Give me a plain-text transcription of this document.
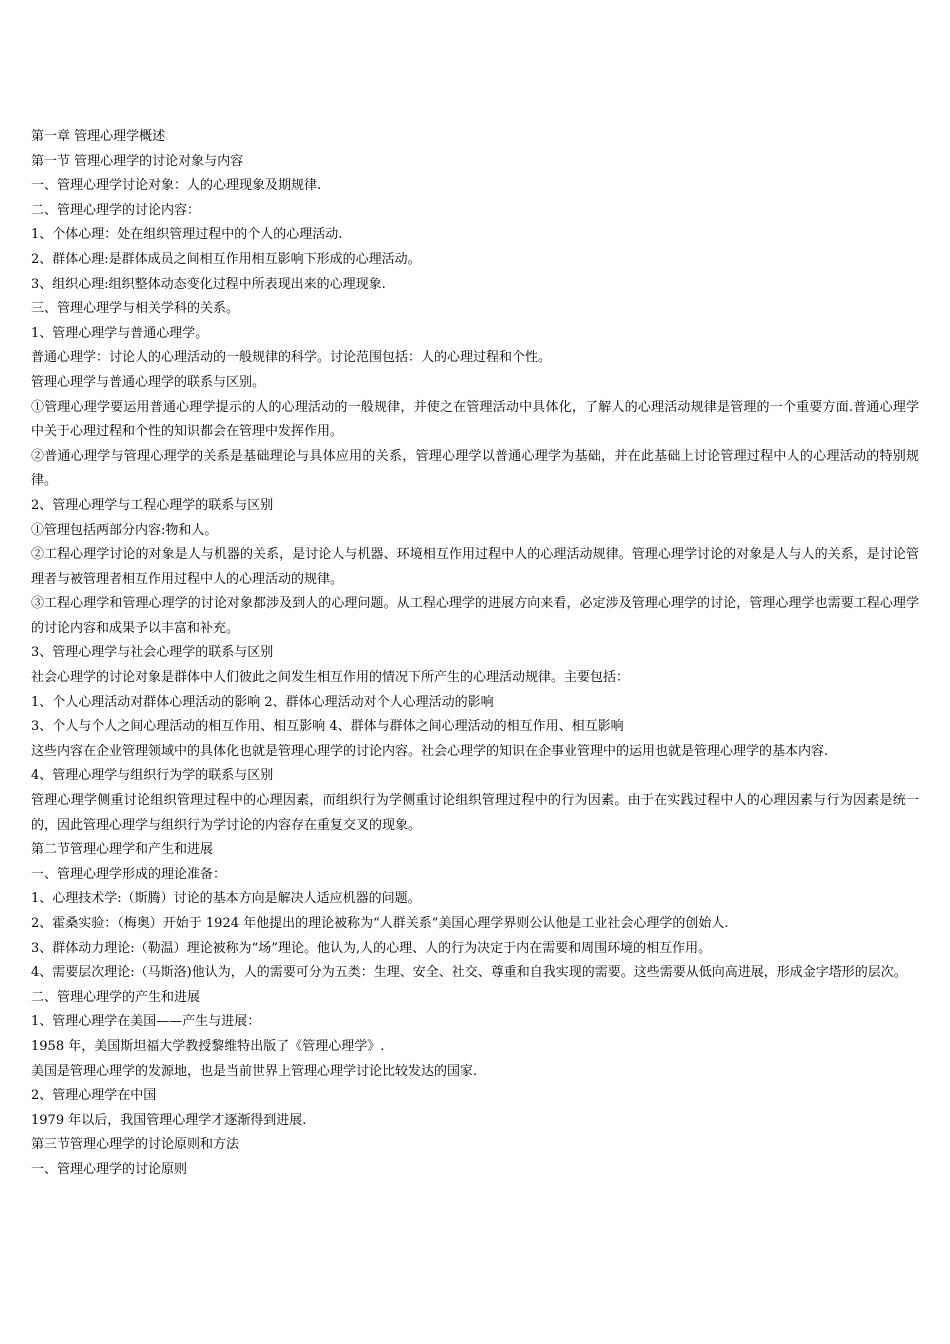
第一章 管理心理学概述
第一节 管理心理学的讨论对象与内容
一、管理心理学讨论对象：人的心理现象及期规律.
二、管理心理学的讨论内容：
1、个体心理：处在组织管理过程中的个人的心理活动.
2、群体心理:是群体成员之间相互作用相互影响下形成的心理活动。
3、组织心理:组织整体动态变化过程中所表现出来的心理现象.
三、管理心理学与相关学科的关系。
1、管理心理学与普通心理学。
普通心理学：讨论人的心理活动的一般规律的科学。讨论范围包括：人的心理过程和个性。
管理心理学与普通心理学的联系与区别。
①管理心理学要运用普通心理学提示的人的心理活动的一般规律，并使之在管理活动中具体化，了解人的心理活动规律是管理的一个重要方面.普通心理学中关于心理过程和个性的知识都会在管理中发挥作用。
②普通心理学与管理心理学的关系是基础理论与具体应用的关系，管理心理学以普通心理学为基础，并在此基础上讨论管理过程中人的心理活动的特别规律。
2、管理心理学与工程心理学的联系与区别
①管理包括两部分内容:物和人。
②工程心理学讨论的对象是人与机器的关系，是讨论人与机器、环境相互作用过程中人的心理活动规律。管理心理学讨论的对象是人与人的关系，是讨论管理者与被管理者相互作用过程中人的心理活动的规律。
③工程心理学和管理心理学的讨论对象都涉及到人的心理问题。从工程心理学的进展方向来看，必定涉及管理心理学的讨论，管理心理学也需要工程心理学的讨论内容和成果予以丰富和补充。
3、管理心理学与社会心理学的联系与区别
社会心理学的讨论对象是群体中人们彼此之间发生相互作用的情况下所产生的心理活动规律。主要包括：
1、个人心理活动对群体心理活动的影响 2、群体心理活动对个人心理活动的影响
3、个人与个人之间心理活动的相互作用、相互影响 4、群体与群体之间心理活动的相互作用、相互影响
这些内容在企业管理领域中的具体化也就是管理心理学的讨论内容。社会心理学的知识在企事业管理中的运用也就是管理心理学的基本内容.
4、管理心理学与组织行为学的联系与区别
管理心理学侧重讨论组织管理过程中的心理因素，而组织行为学侧重讨论组织管理过程中的行为因素。由于在实践过程中人的心理因素与行为因素是统一的，因此管理心理学与组织行为学讨论的内容存在重复交叉的现象。
第二节管理心理学和产生和进展
一、管理心理学形成的理论准备：
1、心理技术学:（斯腾）讨论的基本方向是解决人适应机器的问题。
2、霍桑实验：（梅奥）开始于 1924 年他提出的理论被称为“人群关系”美国心理学界则公认他是工业社会心理学的创始人.
3、群体动力理论:（勒温）理论被称为“场”理论。他认为,人的心理、人的行为决定于内在需要和周围环境的相互作用。
4、需要层次理论:（马斯洛)他认为，人的需要可分为五类：生理、安全、社交、尊重和自我实现的需要。这些需要从低向高进展，形成金字塔形的层次。
二、管理心理学的产生和进展
1、管理心理学在美国——产生与进展：
1958 年，美国斯坦福大学教授黎维特出版了《管理心理学》.
美国是管理心理学的发源地，也是当前世界上管理心理学讨论比较发达的国家.
2、管理心理学在中国
1979 年以后，我国管理心理学才逐渐得到进展.
第三节管理心理学的讨论原则和方法
一、管理心理学的讨论原则
